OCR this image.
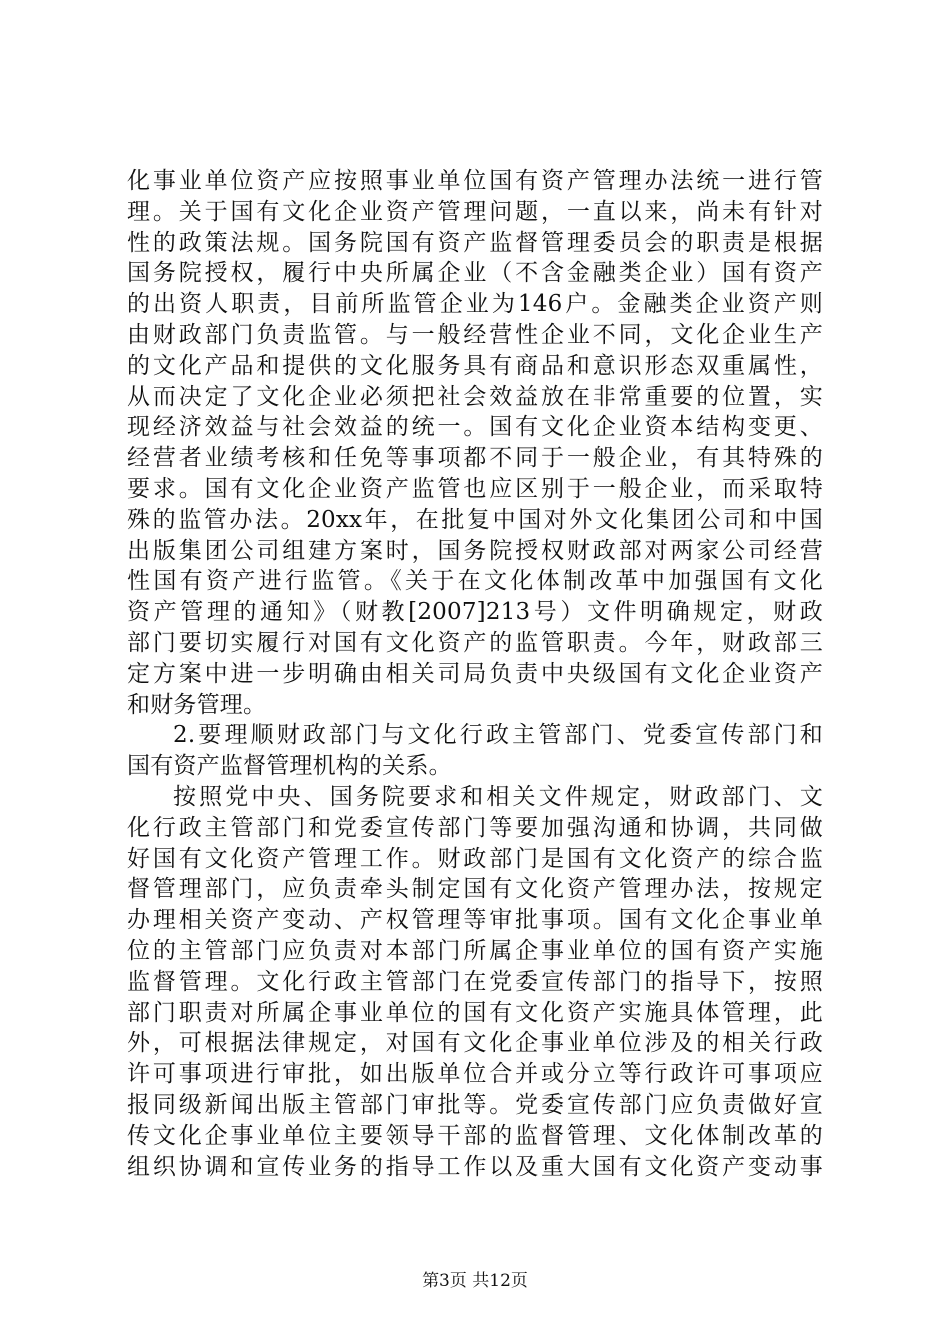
化事业单位资产应按照事业单位国有资产管理办法统一进行管
理。关于国有文化企业资产管理问题，一直以来，尚未有针对
性的政策法规。国务院国有资产监督管理委员会的职责是根据
国务院授权，履行中央所属企业（不含金融类企业）国有资产
的出资人职责，目前所监管企业为146户。金融类企业资产则
由财政部门负责监管。与一般经营性企业不同，文化企业生产
的文化产品和提供的文化服务具有商品和意识形态双重属性，
从而决定了文化企业必须把社会效益放在非常重要的位置，实
现经济效益与社会效益的统一。国有文化企业资本结构变更、
经营者业绩考核和任免等事项都不同于一般企业，有其特殊的
要求。国有文化企业资产监管也应区别于一般企业，而采取特
殊的监管办法。20xx年，在批复中国对外文化集团公司和中国
出版集团公司组建方案时，国务院授权财政部对两家公司经营
性国有资产进行监管。《关于在文化体制改革中加强国有文化
资产管理的通知》（财教[2007]213号）文件明确规定，财政
部门要切实履行对国有文化资产的监管职责。今年，财政部三
定方案中进一步明确由相关司局负责中央级国有文化企业资产
和财务管理。
2.要理顺财政部门与文化行政主管部门、党委宣传部门和
国有资产监督管理机构的关系。
按照党中央、国务院要求和相关文件规定，财政部门、文
化行政主管部门和党委宣传部门等要加强沟通和协调，共同做
好国有文化资产管理工作。财政部门是国有文化资产的综合监
督管理部门，应负责牵头制定国有文化资产管理办法，按规定
办理相关资产变动、产权管理等审批事项。国有文化企事业单
位的主管部门应负责对本部门所属企事业单位的国有资产实施
监督管理。文化行政主管部门在党委宣传部门的指导下，按照
部门职责对所属企事业单位的国有文化资产实施具体管理，此
外，可根据法律规定，对国有文化企事业单位涉及的相关行政
许可事项进行审批，如出版单位合并或分立等行政许可事项应
报同级新闻出版主管部门审批等。党委宣传部门应负责做好宣
传文化企事业单位主要领导干部的监督管理、文化体制改革的
组织协调和宣传业务的指导工作以及重大国有文化资产变动事
第3页 共12页
